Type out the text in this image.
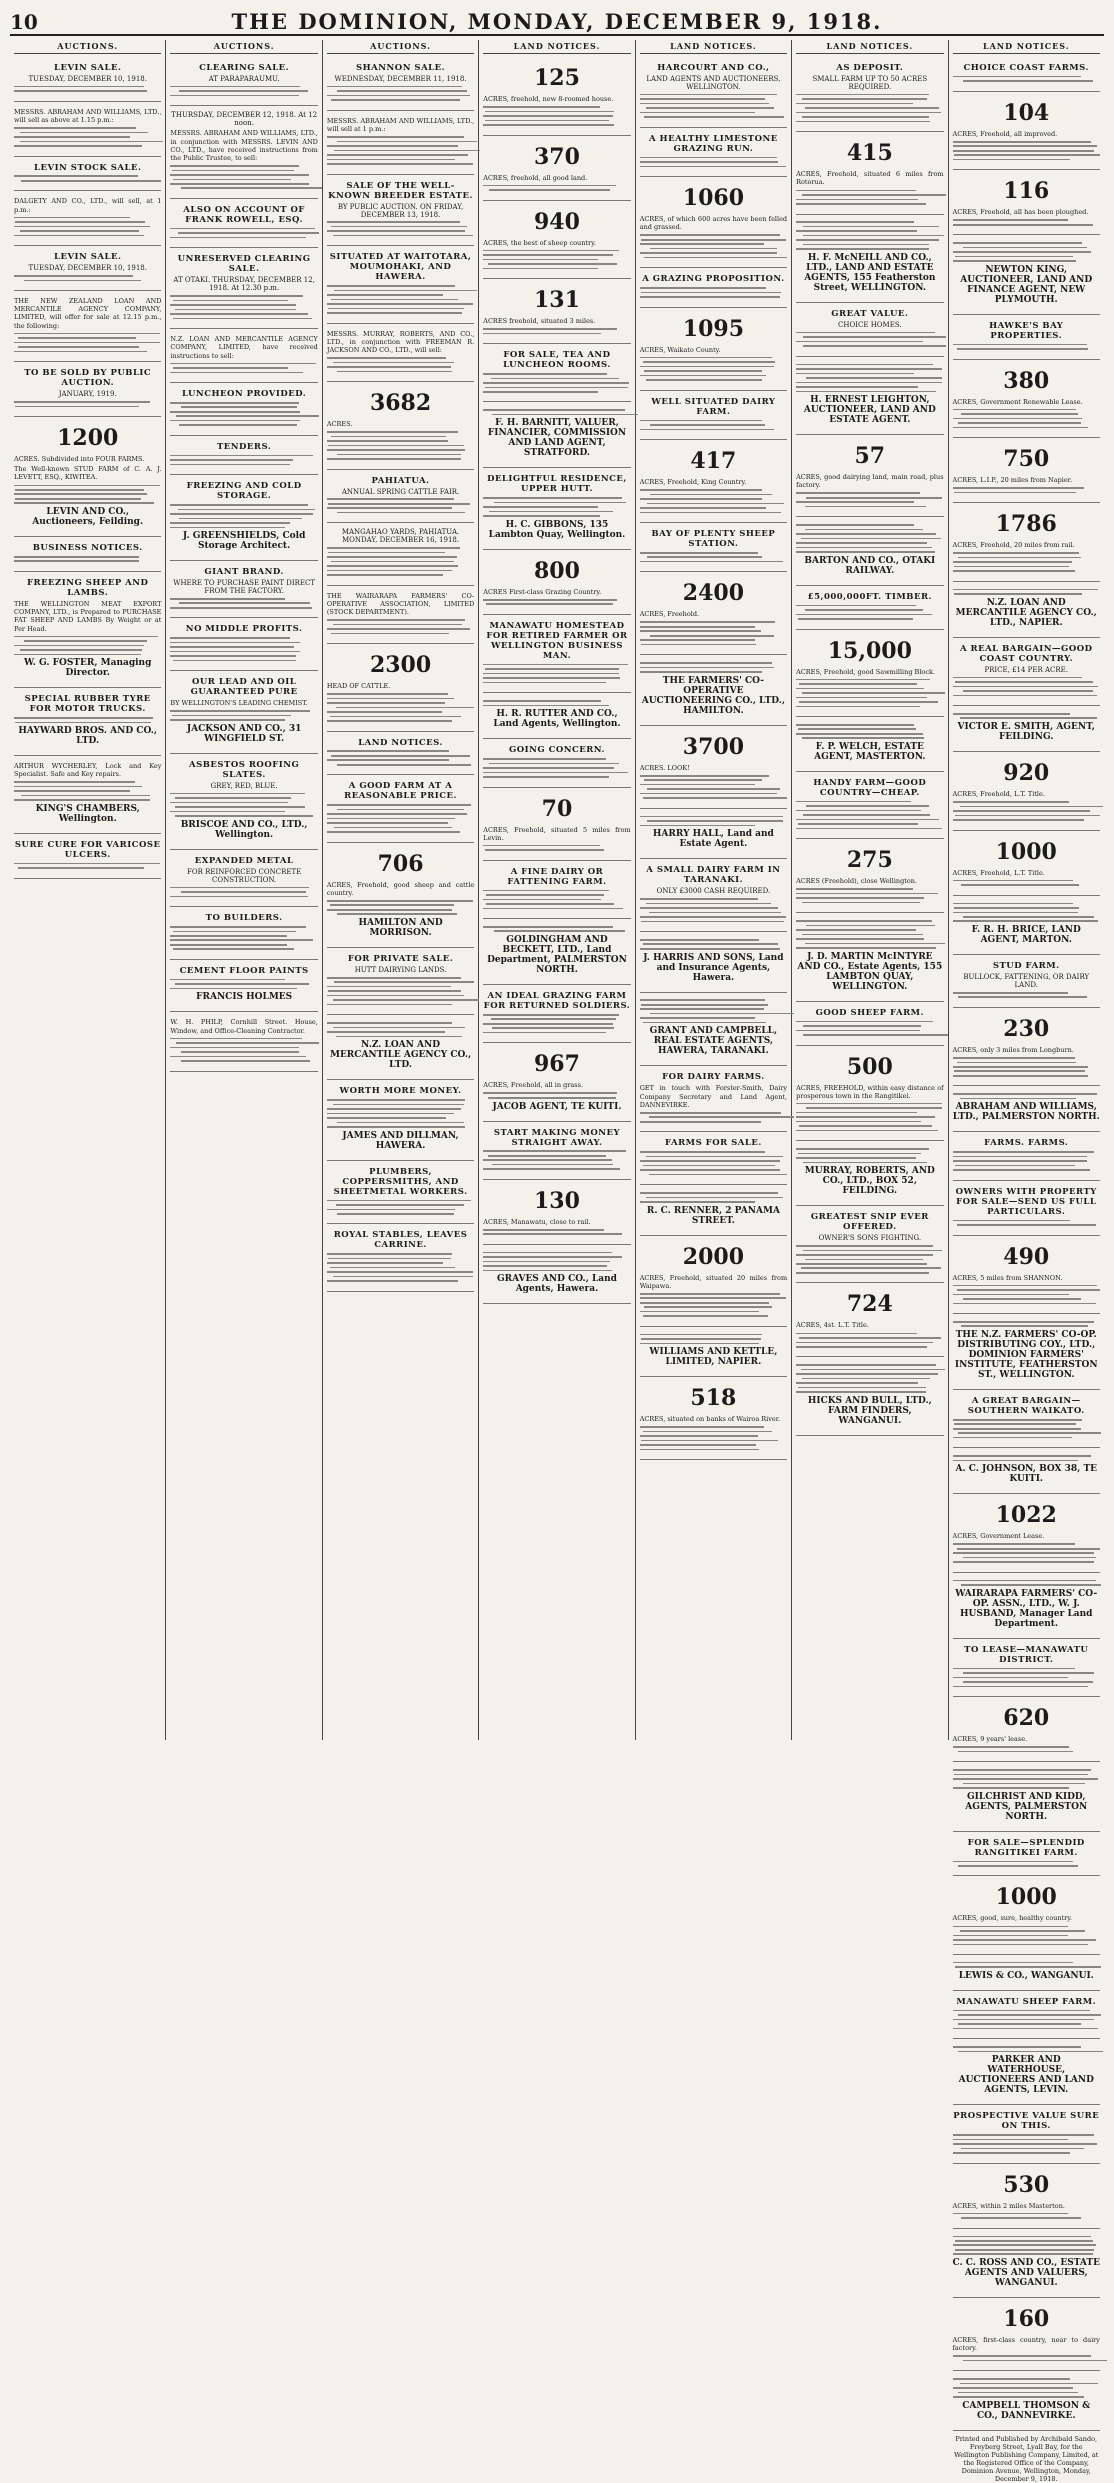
10	THE DOMINION, MONDAY, DECEMBER 9, 1918.
AUCTIONS.
LEVIN SALE.
TUESDAY, DECEMBER 10, 1918.
MESSRS. ABRAHAM AND WILLIAMS, LTD., will sell as above at 1.15 p.m.:
LEVIN STOCK SALE.
DALGETY AND CO., LTD., will sell, at 1 p.m.:
LEVIN SALE.
TUESDAY, DECEMBER 10, 1918.
THE NEW ZEALAND LOAN AND MERCANTILE AGENCY COMPANY, LIMITED, will offer for sale at 12.15 p.m., the following:
TO BE SOLD BY PUBLIC AUCTION.
JANUARY, 1919.
1200
ACRES. Subdivided into FOUR FARMS.
The Well-known STUD FARM of C. A. J. LEVETT, ESQ., KIWITEA.
LEVIN AND CO., Auctioneers, Feilding.
BUSINESS NOTICES.
FREEZING SHEEP AND LAMBS.
THE WELLINGTON MEAT EXPORT COMPANY, LTD., is Prepared to PURCHASE FAT SHEEP AND LAMBS By Weight or at Per Head.
W. G. FOSTER, Managing Director.
SPECIAL RUBBER TYRE FOR MOTOR TRUCKS.
HAYWARD BROS. AND CO., LTD.
ARTHUR WYCHERLEY, Lock and Key Specialist. Safe and Key repairs.
KING'S CHAMBERS, Wellington.
SURE CURE FOR VARICOSE ULCERS.
AUCTIONS.
CLEARING SALE.
AT PARAPARAUMU.
THURSDAY, DECEMBER 12, 1918. At 12 noon.
MESSRS. ABRAHAM AND WILLIAMS, LTD., in conjunction with MESSRS. LEVIN AND CO., LTD., have received instructions from the Public Trustee, to sell:
ALSO ON ACCOUNT OF FRANK ROWELL, ESQ.
UNRESERVED CLEARING SALE.
AT OTAKI. THURSDAY, DECEMBER 12, 1918. At 12.30 p.m.
N.Z. LOAN AND MERCANTILE AGENCY COMPANY, LIMITED, have received instructions to sell:
LUNCHEON PROVIDED.
TENDERS.
FREEZING AND COLD STORAGE.
J. GREENSHIELDS, Cold Storage Architect.
GIANT BRAND.
WHERE TO PURCHASE PAINT DIRECT FROM THE FACTORY.
NO MIDDLE PROFITS.
OUR LEAD AND OIL GUARANTEED PURE
BY WELLINGTON'S LEADING CHEMIST.
JACKSON AND CO., 31 WINGFIELD ST.
ASBESTOS ROOFING SLATES.
GREY, RED, BLUE.
BRISCOE AND CO., LTD., Wellington.
EXPANDED METAL
FOR REINFORCED CONCRETE CONSTRUCTION.
TO BUILDERS.
CEMENT FLOOR PAINTS
FRANCIS HOLMES
W. H. PHILP, Cornhill Street. House, Window, and Office-Cleaning Contractor.
AUCTIONS.
SHANNON SALE.
WEDNESDAY, DECEMBER 11, 1918.
MESSRS. ABRAHAM AND WILLIAMS, LTD., will sell at 1 p.m.:
SALE OF THE WELL-KNOWN BREEDER ESTATE.
BY PUBLIC AUCTION. ON FRIDAY, DECEMBER 13, 1918.
SITUATED AT WAITOTARA, MOUMOHAKI, AND HAWERA.
MESSRS. MURRAY, ROBERTS, AND CO., LTD., in conjunction with FREEMAN R. JACKSON AND CO., LTD., will sell:
3682
ACRES.
PAHIATUA.
ANNUAL SPRING CATTLE FAIR.
MANGAHAO YARDS, PAHIATUA. MONDAY, DECEMBER 16, 1918.
THE WAIRARAPA FARMERS' CO-OPERATIVE ASSOCIATION, LIMITED (STOCK DEPARTMENT).
2300
HEAD OF CATTLE.
LAND NOTICES.
A GOOD FARM AT A REASONABLE PRICE.
706
ACRES, Freehold, good sheep and cattle country.
HAMILTON AND MORRISON.
FOR PRIVATE SALE.
HUTT DAIRYING LANDS.
N.Z. LOAN AND MERCANTILE AGENCY CO., LTD.
WORTH MORE MONEY.
JAMES AND DILLMAN, HAWERA.
PLUMBERS, COPPERSMITHS, AND SHEETMETAL WORKERS.
ROYAL STABLES, LEAVES CARRINE.
LAND NOTICES.
125
ACRES, freehold, new 8-roomed house.
370
ACRES, freehold, all good land.
940
ACRES, the best of sheep country.
131
ACRES freehold, situated 3 miles.
FOR SALE, TEA AND LUNCHEON ROOMS.
F. H. BARNITT, VALUER, FINANCIER, COMMISSION AND LAND AGENT, STRATFORD.
DELIGHTFUL RESIDENCE, UPPER HUTT.
H. C. GIBBONS, 135 Lambton Quay, Wellington.
800
ACRES First-class Grazing Country.
MANAWATU HOMESTEAD FOR RETIRED FARMER OR WELLINGTON BUSINESS MAN.
H. R. RUTTER AND CO., Land Agents, Wellington.
GOING CONCERN.
70
ACRES, Freehold, situated 5 miles from Levin.
A FINE DAIRY OR FATTENING FARM.
GOLDINGHAM AND BECKETT, LTD., Land Department, PALMERSTON NORTH.
AN IDEAL GRAZING FARM FOR RETURNED SOLDIERS.
967
ACRES, Freehold, all in grass.
JACOB AGENT, TE KUITI.
START MAKING MONEY STRAIGHT AWAY.
130
ACRES, Manawatu, close to rail.
GRAVES AND CO., Land Agents, Hawera.
LAND NOTICES.
HARCOURT AND CO.,
LAND AGENTS AND AUCTIONEERS, WELLINGTON.
A HEALTHY LIMESTONE GRAZING RUN.
1060
ACRES, of which 600 acres have been felled and grassed.
A GRAZING PROPOSITION.
1095
ACRES, Waikato County.
WELL SITUATED DAIRY FARM.
417
ACRES, Freehold, King Country.
BAY OF PLENTY SHEEP STATION.
2400
ACRES, Freehold.
THE FARMERS' CO-OPERATIVE AUCTIONEERING CO., LTD., HAMILTON.
3700
ACRES. LOOK!
HARRY HALL, Land and Estate Agent.
A SMALL DAIRY FARM IN TARANAKI.
ONLY £3000 CASH REQUIRED.
J. HARRIS AND SONS, Land and Insurance Agents, Hawera.
GRANT AND CAMPBELL, REAL ESTATE AGENTS, HAWERA, TARANAKI.
FOR DAIRY FARMS.
GET in touch with Forster-Smith, Dairy Company Secretary and Land Agent, DANNEVIRKE.
FARMS FOR SALE.
R. C. RENNER, 2 PANAMA STREET.
2000
ACRES, Freehold, situated 20 miles from Waipawa.
WILLIAMS AND KETTLE, LIMITED, NAPIER.
518
ACRES, situated on banks of Wairoa River.
LAND NOTICES.
AS DEPOSIT.
SMALL FARM UP TO 50 ACRES REQUIRED.
415
ACRES, Freehold, situated 6 miles from Rotorua.
H. F. McNEILL AND CO., LTD., LAND AND ESTATE AGENTS, 155 Featherston Street, WELLINGTON.
GREAT VALUE.
CHOICE HOMES.
H. ERNEST LEIGHTON, AUCTIONEER, LAND AND ESTATE AGENT.
57
ACRES, good dairying land, main road, plus factory.
BARTON AND CO., OTAKI RAILWAY.
£5,000,000FT. TIMBER.
15,000
ACRES, Freehold, good Sawmilling Block.
F. P. WELCH, ESTATE AGENT, MASTERTON.
HANDY FARM—GOOD COUNTRY—CHEAP.
275
ACRES (Freehold), close Wellington.
J. D. MARTIN McINTYRE AND CO., Estate Agents, 155 LAMBTON QUAY, WELLINGTON.
GOOD SHEEP FARM.
500
ACRES, FREEHOLD, within easy distance of prosperous town in the Rangitikei.
MURRAY, ROBERTS, AND CO., LTD., BOX 52, FEILDING.
GREATEST SNIP EVER OFFERED.
OWNER'S SONS FIGHTING.
724
ACRES, 4st. L.T. Title.
HICKS AND BULL, LTD., FARM FINDERS, WANGANUI.
LAND NOTICES.
CHOICE COAST FARMS.
104
ACRES, Freehold, all improved.
116
ACRES, Freehold, all has been ploughed.
NEWTON KING, AUCTIONEER, LAND AND FINANCE AGENT, NEW PLYMOUTH.
HAWKE'S BAY PROPERTIES.
380
ACRES, Government Renewable Lease.
750
ACRES, L.I.P., 20 miles from Napier.
1786
ACRES, Freehold, 20 miles from rail.
N.Z. LOAN AND MERCANTILE AGENCY CO., LTD., NAPIER.
A REAL BARGAIN—GOOD COAST COUNTRY.
PRICE, £14 PER ACRE.
VICTOR E. SMITH, AGENT, FEILDING.
920
ACRES, Freehold, L.T. Title.
1000
ACRES, Freehold, L.T. Title.
F. R. H. BRICE, LAND AGENT, MARTON.
STUD FARM.
BULLOCK, FATTENING, OR DAIRY LAND.
230
ACRES, only 3 miles from Longburn.
ABRAHAM AND WILLIAMS, LTD., PALMERSTON NORTH.
FARMS. FARMS.
OWNERS WITH PROPERTY FOR SALE—SEND US FULL PARTICULARS.
490
ACRES, 5 miles from SHANNON.
THE N.Z. FARMERS' CO-OP. DISTRIBUTING COY., LTD., DOMINION FARMERS' INSTITUTE, FEATHERSTON ST., WELLINGTON.
A GREAT BARGAIN—SOUTHERN WAIKATO.
A. C. JOHNSON, BOX 38, TE KUITI.
1022
ACRES, Government Lease.
WAIRARAPA FARMERS' CO-OP. ASSN., LTD., W. J. HUSBAND, Manager Land Department.
TO LEASE—MANAWATU DISTRICT.
620
ACRES, 9 years' lease.
GILCHRIST AND KIDD, AGENTS, PALMERSTON NORTH.
FOR SALE—SPLENDID RANGITIKEI FARM.
1000
ACRES, good, sure, healthy country.
LEWIS & CO., WANGANUI.
MANAWATU SHEEP FARM.
PARKER AND WATERHOUSE, AUCTIONEERS AND LAND AGENTS, LEVIN.
PROSPECTIVE VALUE SURE ON THIS.
530
ACRES, within 2 miles Masterton.
C. C. ROSS AND CO., ESTATE AGENTS AND VALUERS, WANGANUI.
160
ACRES, first-class country, near to dairy factory.
CAMPBELL THOMSON & CO., DANNEVIRKE.
Printed and Published by Archibald Sando, Freyberg Street, Lyall Bay, for the Wellington Publishing Company, Limited, at the Registered Office of the Company, Dominion Avenue, Wellington, Monday, December 9, 1918.
